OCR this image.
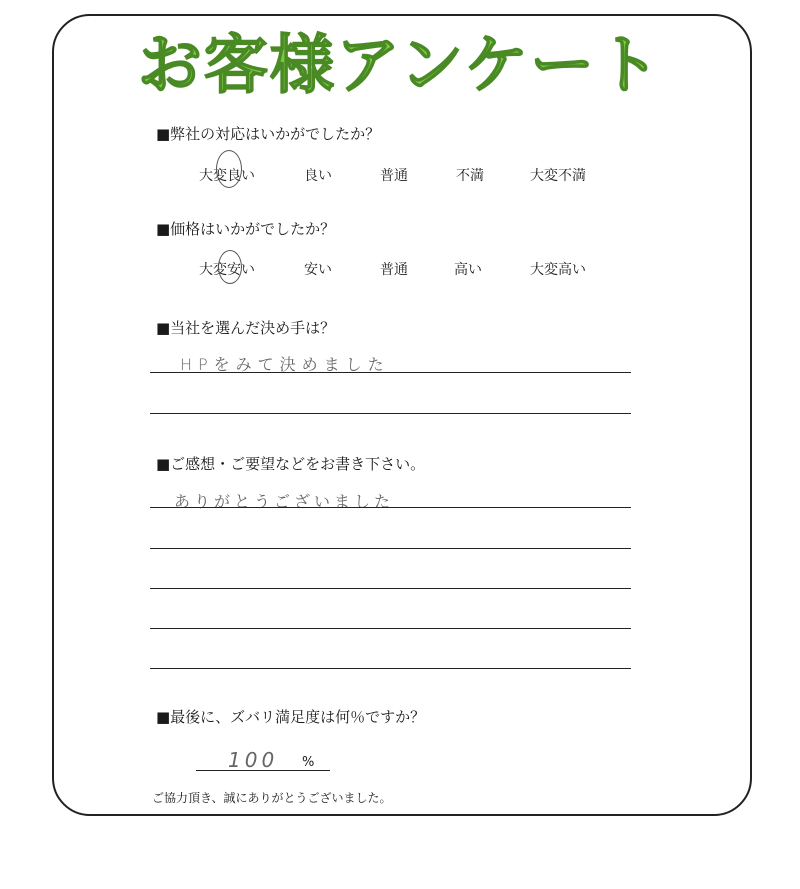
お客様アンケート
■弊社の対応はいかがでしたか？
大変良い	良い	普通	不満	大変不満
■価格はいかがでしたか？
大変安い	安い	普通	高い	大変高い
■当社を選んだ決め手は？
HPをみて決めました
■ご感想・ご要望などをお書き下さい。
ありがとうございました
■最後に、ズバリ満足度は何％ですか？
100 %
ご協力頂き、誠にありがとうございました。
